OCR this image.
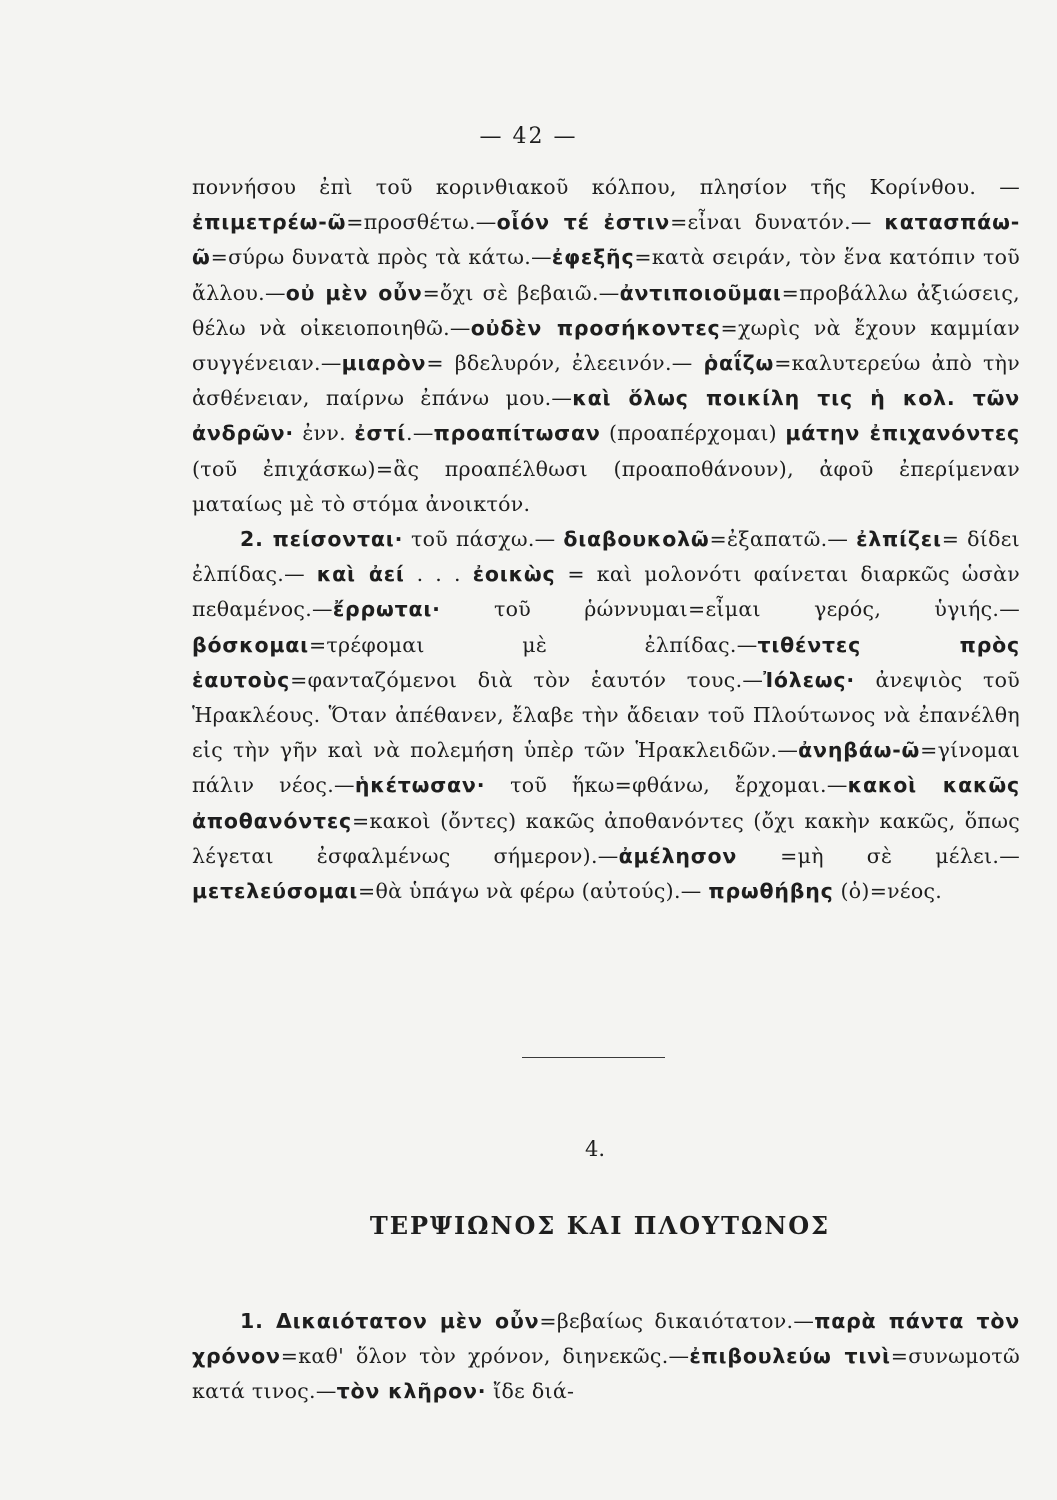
— 42 —
ποννήσου ἐπὶ τοῦ κορινθιακοῦ κόλπου, πλησίον τῆς Κορίνθου. — ἐπιμετρέω-ῶ=προσθέτω.—οἷόν τέ ἐστιν=εἶναι δυνατόν.— κατασπάω-ῶ=σύρω δυνατὰ πρὸς τὰ κάτω.—ἐφεξῆς=κατὰ σειράν, τὸν ἕνα κατόπιν τοῦ ἄλλου.—οὐ μὲν οὖν=ὄχι σὲ βεβαιῶ.—ἀντιποιοῦμαι=προβάλλω ἀξιώσεις, θέλω νὰ οἰκειοποιηθῶ.—οὐδὲν προσήκοντες=χωρὶς νὰ ἔχουν καμμίαν συγγένειαν.—μιαρὸν= βδελυρόν, ἐλεεινόν.— ῥαΐζω=καλυτερεύω ἀπὸ τὴν ἀσθένειαν, παίρνω ἐπάνω μου.—καὶ ὅλως ποικίλη τις ἡ κολ. τῶν ἀνδρῶν· ἐνν. ἐστί.—προαπίτωσαν (προαπέρχομαι) μάτην ἐπιχανόντες (τοῦ ἐπιχάσκω)=ἃς προαπέλθωσι (προαποθάνουν), ἀφοῦ ἐπερίμεναν ματαίως μὲ τὸ στόμα ἀνοικτόν.
2. πείσονται· τοῦ πάσχω.— διαβουκολῶ=ἐξαπατῶ.— ἐλπίζει= δίδει ἐλπίδας.— καὶ ἀεί . . . ἐοικὼς = καὶ μολονότι φαίνεται διαρκῶς ὡσὰν πεθαμένος.—ἔρρωται· τοῦ ῥώννυμαι=εἶμαι γερός, ὑγιής.—βόσκομαι=τρέφομαι μὲ ἐλπίδας.—τιθέντες πρὸς ἑαυτοὺς=φανταζόμενοι διὰ τὸν ἑαυτόν τους.—Ἰόλεως· ἀνεψιὸς τοῦ Ἡρακλέους. Ὅταν ἀπέθανεν, ἔλαβε τὴν ἄδειαν τοῦ Πλούτωνος νὰ ἐπανέλθη εἰς τὴν γῆν καὶ νὰ πολεμήση ὑπὲρ τῶν Ἡρακλειδῶν.—ἀνηβάω-ῶ=γίνομαι πάλιν νέος.—ἡκέτωσαν· τοῦ ἥκω=φθάνω, ἔρχομαι.—κακοὶ κακῶς ἀποθανόντες=κακοὶ (ὄντες) κακῶς ἀποθανόντες (ὄχι κακὴν κακῶς, ὅπως λέγεται ἐσφαλμένως σήμερον).—ἀμέλησον =μὴ σὲ μέλει.—μετελεύσομαι=θὰ ὑπάγω νὰ φέρω (αὐτούς).— πρωθήβης (ὁ)=νέος.
4.
ΤΕΡΨΙΩΝΟΣ ΚΑΙ ΠΛΟΥΤΩΝΟΣ
1. Δικαιότατον μὲν οὖν=βεβαίως δικαιότατον.—παρὰ πάντα τὸν χρόνον=καθ' ὅλον τὸν χρόνον, διηνεκῶς.—ἐπιβουλεύω τινὶ=συνωμοτῶ κατά τινος.—τὸν κλῆρον· ἴδε διά-
